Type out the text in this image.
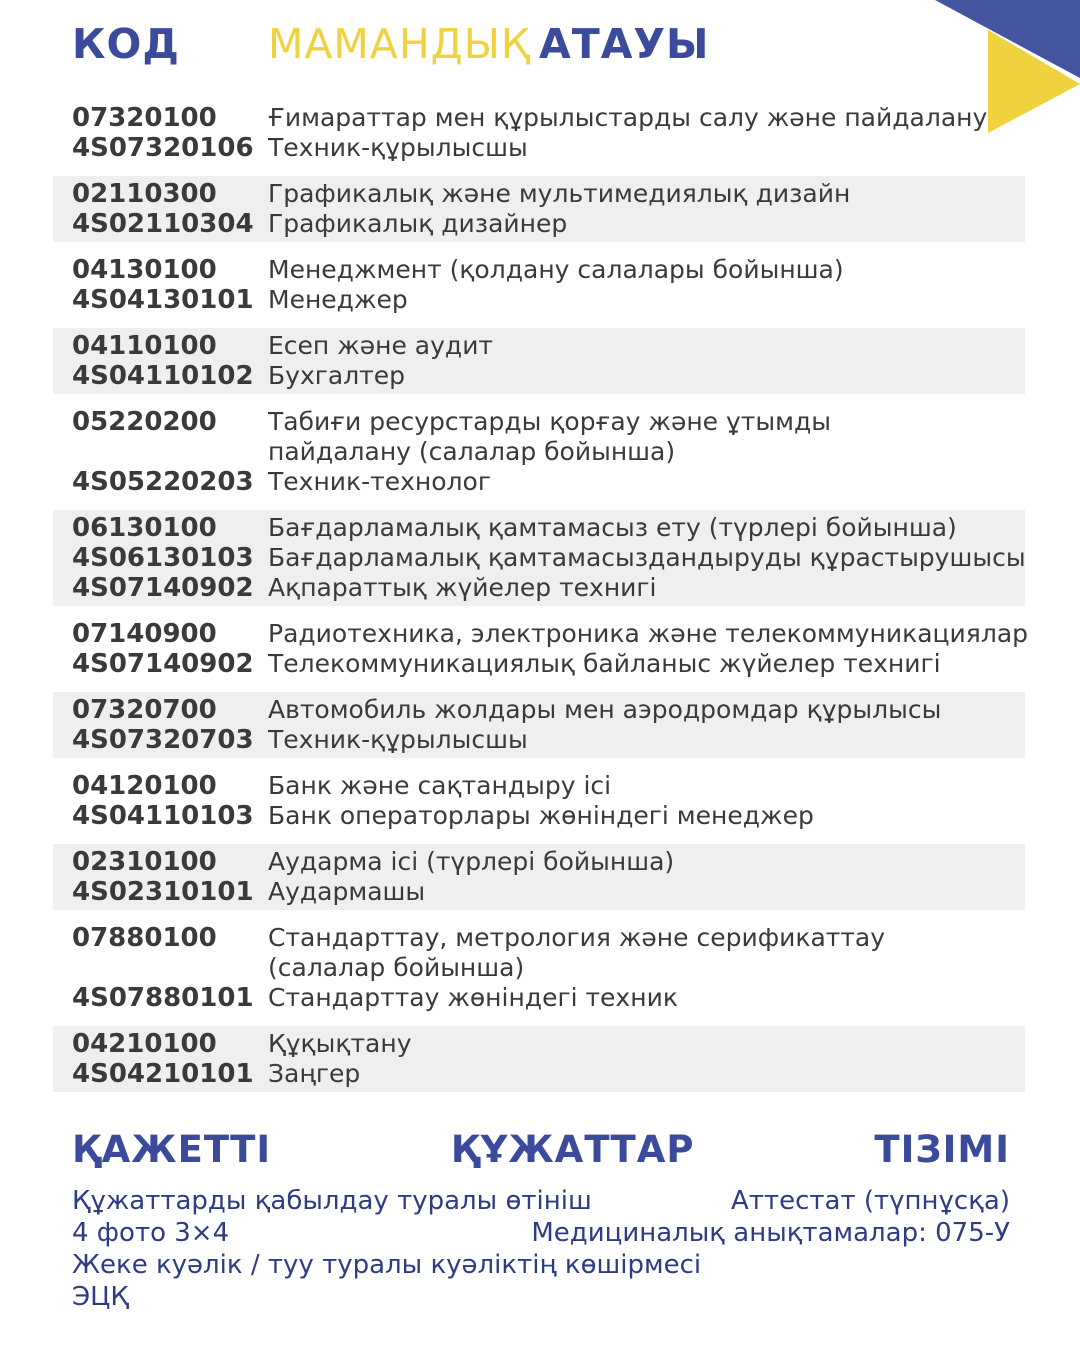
КОД	МАМАНДЫҚ АТАУЫ
07320100	Ғимараттар мен құрылыстарды салу және пайдалану
4S07320106 Техник-құрылысшы
02110300	Графикалық және мультимедиялық дизайн
4S02110304 Графикалық дизайнер
04130100	Менеджмент (қолдану салалары бойынша)
4S04130101 Менеджер
04110100	Есеп және аудит
4S04110102 Бухгалтер
05220200	Табиғи ресурстарды қорғау және ұтымды
пайдалану (салалар бойынша)
4S05220203 Техник-технолог
06130100	Бағдарламалық қамтамасыз ету (түрлері бойынша)
4S06130103 Бағдарламалық қамтамасыздандыруды құрастырушысы
4S07140902 Ақпараттық жүйелер технигі
07140900	Радиотехника, электроника және телекоммуникациялар
4S07140902 Телекоммуникациялық байланыс жүйелер технигі
07320700	Автомобиль жолдары мен аэродромдар құрылысы
4S07320703 Техник-құрылысшы
04120100	Банк және сақтандыру ісі
4S04110103 Банк операторлары жөніндегі менеджер
02310100	Аударма ісі (түрлері бойынша)
4S02310101 Аудармашы
07880100	Стандарттау, метрология және серификаттау
(салалар бойынша)
4S07880101 Стандарттау жөніндегі техник
04210100	Құқықтану
4S04210101 Заңгер
ҚАЖЕТТІ	ҚҰЖАТТАР	ТІЗІМІ
Құжаттарды қабылдау туралы өтініш	Аттестат (түпнұсқа)
4 фото 3×4	Медициналық анықтамалар: 075-У
Жеке куәлік / туу туралы куәліктің көшірмесі
ЭЦҚ
